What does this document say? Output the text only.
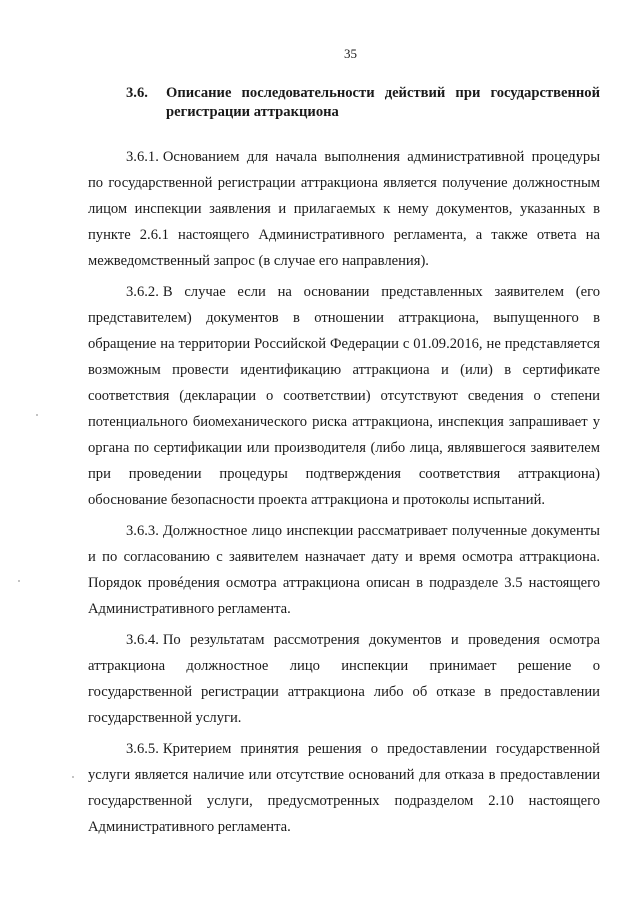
35
3.6.	Описание последовательности действий при государственной регистрации аттракциона

3.6.1. Основанием для начала выполнения административной процедуры по государственной регистрации аттракциона является получение должностным лицом инспекции заявления и прилагаемых к нему документов, указанных в пункте 2.6.1 настоящего Административного регламента, а также ответа на межведомственный запрос (в случае его направления).

3.6.2. В случае если на основании представленных заявителем (его представителем) документов в отношении аттракциона, выпущенного в обращение на территории Российской Федерации с 01.09.2016, не представляется возможным провести идентификацию аттракциона и (или) в сертификате соответствия (декларации о соответствии) отсутствуют сведения о степени потенциального биомеханического риска аттракциона, инспекция запрашивает у органа по сертификации или производителя (либо лица, являвшегося заявителем при проведении процедуры подтверждения соответствия аттракциона) обоснование безопасности проекта аттракциона и протоколы испытаний.

3.6.3. Должностное лицо инспекции рассматривает полученные документы и по согласованию с заявителем назначает дату и время осмотра аттракциона. Порядок провéдения осмотра аттракциона описан в подразделе 3.5 настоящего Административного регламента.

3.6.4. По результатам рассмотрения документов и проведения осмотра аттракциона должностное лицо инспекции принимает решение о государственной регистрации аттракциона либо об отказе в предоставлении государственной услуги.

3.6.5. Критерием принятия решения о предоставлении государственной услуги является наличие или отсутствие оснований для отказа в предоставлении государственной услуги, предусмотренных подразделом 2.10 настоящего Административного регламента.
